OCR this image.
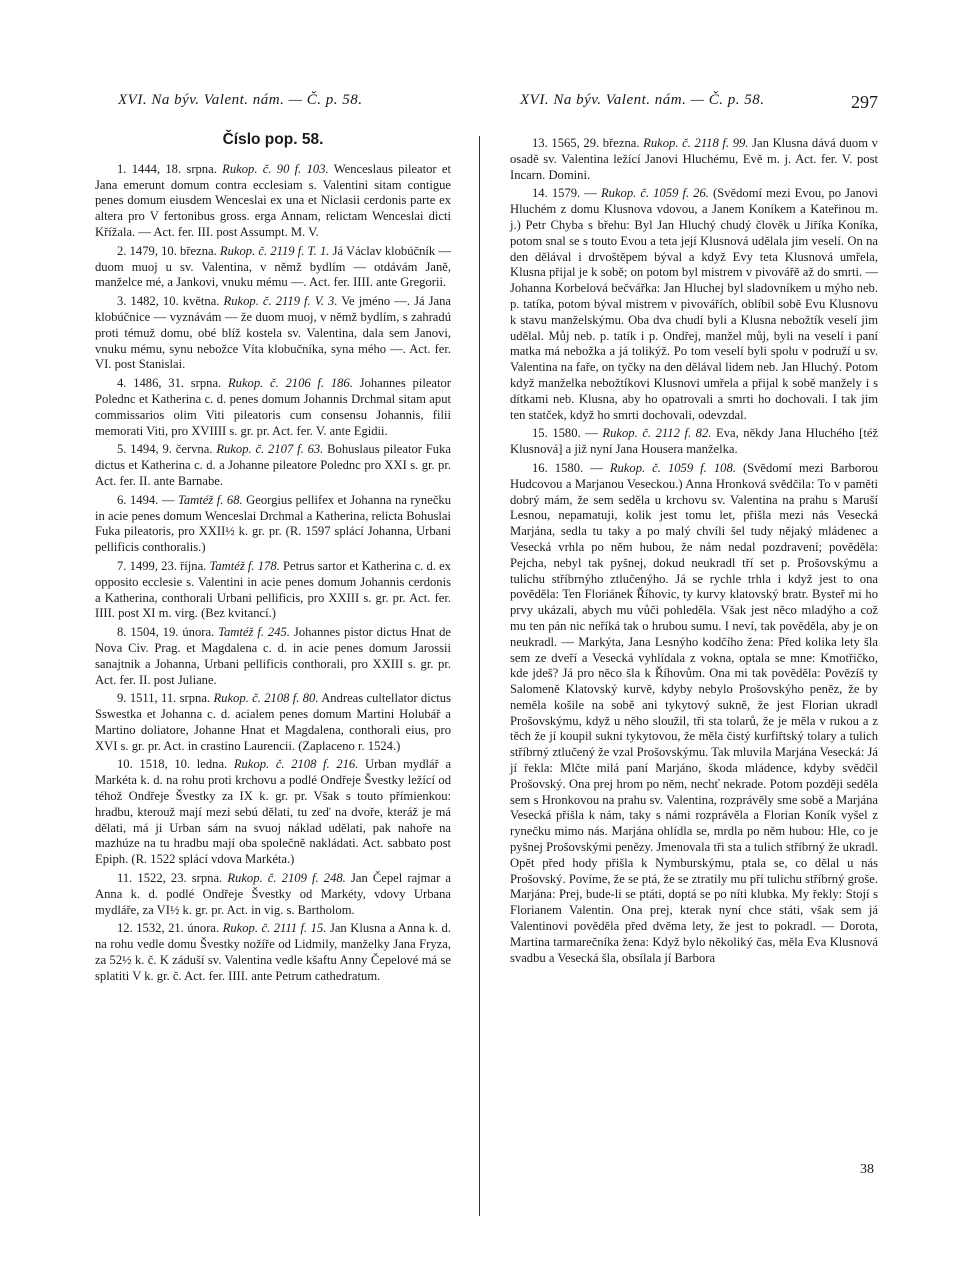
XVI. Na býv. Valent. nám. — Č. p. 58.	XVI. Na býv. Valent. nám. — Č. p. 58.	297
Číslo pop. 58.

1. 1444, 18. srpna. Rukop. č. 90 f. 103. Wenceslaus pileator et Jana emerunt domum contra ecclesiam s. Valentini sitam contigue penes domum eiusdem Wenceslai ex una et Niclasii cerdonis parte ex altera pro V fertonibus gross. erga Annam, relictam Wenceslai dicti Křížala. — Act. fer. III. post Assumpt. M. V.

2. 1479, 10. března. Rukop. č. 2119 f. T. 1. Já Václav klobúčník — duom muoj u sv. Valentina, v němž bydlím — otdávám Janě, manželce mé, a Jankovi, vnuku mému —. Act. fer. IIII. ante Gregorii.

3. 1482, 10. května. Rukop. č. 2119 f. V. 3. Ve jméno —. Já Jana klobúčnice — vyznávám — že duom muoj, v němž bydlím, s zahradú proti témuž domu, obé blíž kostela sv. Valentina, dala sem Janovi, vnuku mému, synu nebožce Víta klobučníka, syna mého —. Act. fer. VI. post Stanislai.

4. 1486, 31. srpna. Rukop. č. 2106 f. 186. Johannes pileator Polednc et Katherina c. d. penes domum Johannis Drchmal sitam aput commissarios olim Viti pileatoris cum consensu Johannis, filii memorati Viti, pro XVIIII s. gr. pr. Act. fer. V. ante Egidii.

5. 1494, 9. června. Rukop. č. 2107 f. 63. Bohuslaus pileator Fuka dictus et Katherina c. d. a Johanne pileatore Polednc pro XXI s. gr. pr. Act. fer. II. ante Barnabe.

6. 1494. — Tamtéž f. 68. Georgius pellifex et Johanna na rynečku in acie penes domum Wenceslai Drchmal a Katherina, relicta Bohuslai Fuka pileatoris, pro XXII½ k. gr. pr. (R. 1597 splácí Johanna, Urbani pellificis conthoralis.)

7. 1499, 23. října. Tamtéž f. 178. Petrus sartor et Katherina c. d. ex opposito ecclesie s. Valentini in acie penes domum Johannis cerdonis a Katherina, conthorali Urbani pellificis, pro XXIII s. gr. pr. Act. fer. IIII. post XI m. virg. (Bez kvitancí.)

8. 1504, 19. února. Tamtéž f. 245. Johannes pistor dictus Hnat de Nova Civ. Prag. et Magdalena c. d. in acie penes domum Jarossii sanajtnik a Johanna, Urbani pellificis conthorali, pro XXIII s. gr. pr. Act. fer. II. post Juliane.

9. 1511, 11. srpna. Rukop. č. 2108 f. 80. Andreas cultellator dictus Sswestka et Johanna c. d. acialem penes domum Martini Holubář a Martino doliatore, Johanne Hnat et Magdalena, conthorali eius, pro XVI s. gr. pr. Act. in crastino Laurencii. (Zaplaceno r. 1524.)

10. 1518, 10. ledna. Rukop. č. 2108 f. 216. Urban mydlář a Markéta k. d. na rohu proti krchovu a podlé Ondřeje Švestky ležící od téhož Ondřeje Švestky za IX k. gr. pr. Však s touto přímienkou: hradbu, kterouž mají mezi sebú dělati, tu zeď na dvoře, kteráž je má dělati, má ji Urban sám na svuoj náklad udělati, pak nahoře na mazhúze na tu hradbu mají oba společně nakládati. Act. sabbato post Epiph. (R. 1522 splácí vdova Markéta.)

11. 1522, 23. srpna. Rukop. č. 2109 f. 248. Jan Čepel rajmar a Anna k. d. podlé Ondřeje Švestky od Markéty, vdovy Urbana mydláře, za VI½ k. gr. pr. Act. in vig. s. Bartholom.

12. 1532, 21. února. Rukop. č. 2111 f. 15. Jan Klusna a Anna k. d. na rohu vedle domu Švestky nožíře od Lidmily, manželky Jana Fryza, za 52½ k. č. K záduší sv. Valentina vedle kšaftu Anny Čepelové má se splatiti V k. gr. č. Act. fer. IIII. ante Petrum cathedratum.

13. 1565, 29. března. Rukop. č. 2118 f. 99. Jan Klusna dává duom v osadě sv. Valentina ležící Janovi Hluchému, Evě m. j. Act. fer. V. post Incarn. Domini.

14. 1579. — Rukop. č. 1059 f. 26. (Svědomí mezi Evou, po Janovi Hluchém z domu Klusnova vdovou, a Janem Koníkem a Kateřinou m. j.) Petr Chyba s břehu: Byl Jan Hluchý chudý člověk u Jiříka Koníka, potom snal se s touto Evou a teta její Klusnová udělala jim veselí. On na den dělával i drvoštěpem býval a když Evy teta Klusnová umřela, Klusna přijal je k sobě; on potom byl mistrem v pivovářě až do smrti. — Johanna Korbelová bečvářka: Jan Hluchej byl sladovníkem u mýho neb. p. tatíka, potom býval mistrem v pivovářích, oblíbil sobě Evu Klusnovu k stavu manželskýmu. Oba dva chudí byli a Klusna nebožtík veselí jim udělal. Můj neb. p. tatík i p. Ondřej, manžel můj, byli na veselí i paní matka má nebožka a já tolikýž. Po tom veselí byli spolu v podruží u sv. Valentina na faře, on tyčky na den dělával lidem neb. Jan Hluchý. Potom když manželka nebožtíkovi Klusnovi umřela a přijal k sobě manžely i s dítkami neb. Klusna, aby ho opatrovali a smrti ho dochovali. I tak jim ten statček, když ho smrti dochovali, odevzdal.

15. 1580. — Rukop. č. 2112 f. 82. Eva, někdy Jana Hluchého [též Klusnová] a již nyní Jana Housera manželka.

16. 1580. — Rukop. č. 1059 f. 108. (Svědomí mezi Barborou Hudcovou a Marjanou Veseckou.) Anna Hronková svědčila: To v paměti dobrý mám, že sem seděla u krchovu sv. Valentina na prahu s Maruší Lesnou, nepamatuji, kolik jest tomu let, přišla mezi nás Vesecká Marjána, sedla tu taky a po malý chvíli šel tudy nějaký mládenec a Vesecká vrhla po něm hubou, že nám nedal pozdravení; pověděla: Pejcha, nebyl tak pyšnej, dokud neukradl tří set p. Prošovskýmu a tulichu stříbrnýho ztlučenýho. Já se rychle trhla i když jest to ona pověděla: Ten Floriánek Říhovic, ty kurvy klatovský bratr. Bysteř mi ho prvy ukázali, abych mu vůči pohleděla. Však jest něco mladýho a což mu ten pán nic neříká tak o hrubou sumu. I neví, tak pověděla, aby je on neukradl. — Markýta, Jana Lesnýho kodčího žena: Před kolika lety šla sem ze dveří a Vesecká vyhlídala z vokna, optala se mne: Kmotřičko, kde jdeš? Já pro něco šla k Říhovům. Ona mi tak pověděla: Povězíš ty Salomeně Klatovský kurvě, kdyby nebylo Prošovskýho peněz, že by neměla košile na sobě ani tykytový sukně, že jest Florian ukradl Prošovskýmu, když u něho sloužil, tři sta tolarů, že je měla v rukou a z těch že jí koupil sukni tykytovou, že měla čistý kurfiřtský tolary a tulich stříbrný ztlučený že vzal Prošovskýmu. Tak mluvila Marjána Vesecká: Já jí řekla: Mlčte milá paní Marjáno, škoda mládence, kdyby svědčil Prošovský. Ona prej hrom po něm, nechť nekrade. Potom později seděla sem s Hronkovou na prahu sv. Valentina, rozprávěly sme sobě a Marjána Vesecká přišla k nám, taky s námi rozprávěla a Florian Koník vyšel z rynečku mimo nás. Marjána ohlídla se, mrdla po něm hubou: Hle, co je pyšnej Prošovskými penězy. Jmenovala tři sta a tulich stříbrný že ukradl. Opět před hody přišla k Nymburskýmu, ptala se, co dělal u nás Prošovský. Povíme, že se ptá, že se ztratily mu pří tulichu stříbrný groše. Marjána: Prej, bude-li se ptáti, doptá se po níti klubka. My řekly: Stojí s Florianem Valentin. Ona prej, kterak nyní chce státi, však sem já Valentinovi pověděla před dvěma lety, že jest to pokradl. — Dorota, Martina tarmarečníka žena: Když bylo několiký čas, měla Eva Klusnová svadbu a Vesecká šla, obsílala jí Barbora

38
